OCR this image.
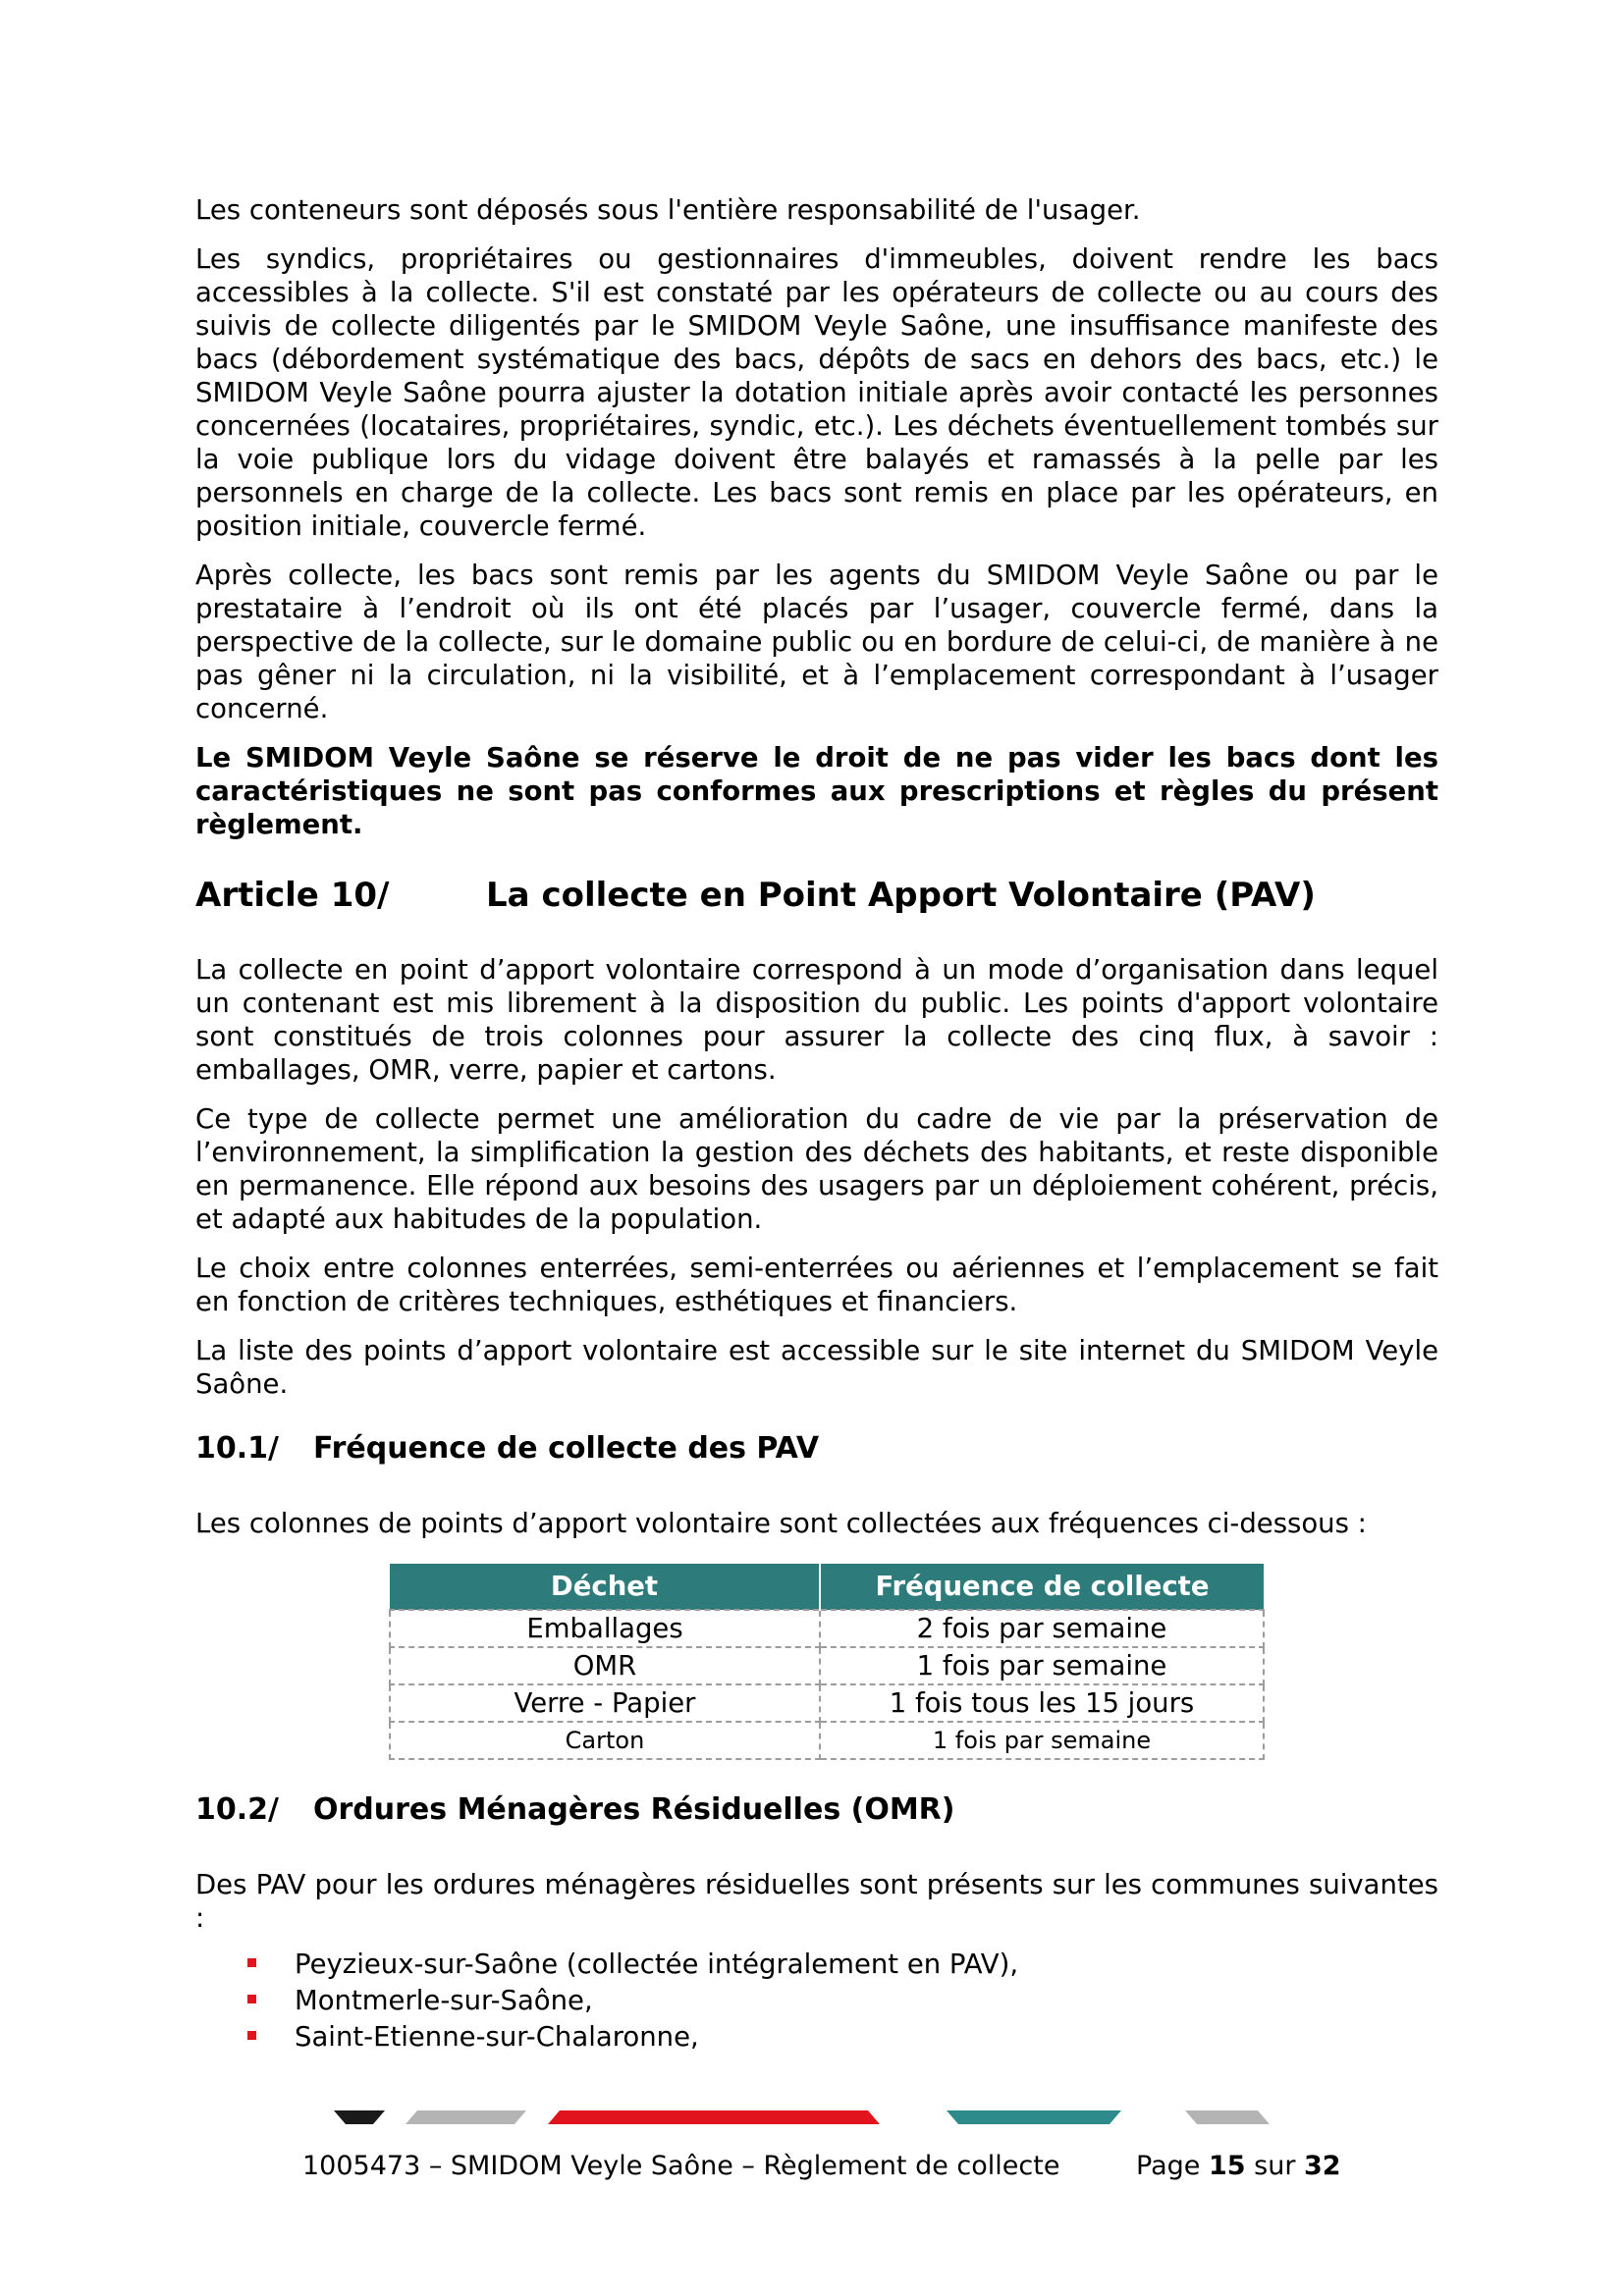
Les conteneurs sont déposés sous l'entière responsabilité de l'usager.

Les syndics, propriétaires ou gestionnaires d'immeubles, doivent rendre les bacs accessibles à la collecte. S'il est constaté par les opérateurs de collecte ou au cours des suivis de collecte diligentés par le SMIDOM Veyle Saône, une insuffisance manifeste des bacs (débordement systématique des bacs, dépôts de sacs en dehors des bacs, etc.) le SMIDOM Veyle Saône pourra ajuster la dotation initiale après avoir contacté les personnes concernées (locataires, propriétaires, syndic, etc.). Les déchets éventuellement tombés sur la voie publique lors du vidage doivent être balayés et ramassés à la pelle par les personnels en charge de la collecte. Les bacs sont remis en place par les opérateurs, en position initiale, couvercle fermé.

Après collecte, les bacs sont remis par les agents du SMIDOM Veyle Saône ou par le prestataire à l’endroit où ils ont été placés par l’usager, couvercle fermé, dans la perspective de la collecte, sur le domaine public ou en bordure de celui-ci, de manière à ne pas gêner ni la circulation, ni la visibilité, et à l’emplacement correspondant à l’usager concerné.

Le SMIDOM Veyle Saône se réserve le droit de ne pas vider les bacs dont les caractéristiques ne sont pas conformes aux prescriptions et règles du présent règlement.

Article 10/	La collecte en Point Apport Volontaire (PAV)

La collecte en point d’apport volontaire correspond à un mode d’organisation dans lequel un contenant est mis librement à la disposition du public. Les points d'apport volontaire sont constitués de trois colonnes pour assurer la collecte des cinq flux, à savoir : emballages, OMR, verre, papier et cartons.

Ce type de collecte permet une amélioration du cadre de vie par la préservation de l’environnement, la simplification la gestion des déchets des habitants, et reste disponible en permanence. Elle répond aux besoins des usagers par un déploiement cohérent, précis, et adapté aux habitudes de la population.

Le choix entre colonnes enterrées, semi-enterrées ou aériennes et l’emplacement se fait en fonction de critères techniques, esthétiques et financiers.

La liste des points d’apport volontaire est accessible sur le site internet du SMIDOM Veyle Saône.

10.1/	Fréquence de collecte des PAV

Les colonnes de points d’apport volontaire sont collectées aux fréquences ci-dessous :

Déchet	Fréquence de collecte
Emballages	2 fois par semaine
OMR	1 fois par semaine
Verre - Papier	1 fois tous les 15 jours
Carton	1 fois par semaine
10.2/	Ordures Ménagères Résiduelles (OMR)

Des PAV pour les ordures ménagères résiduelles sont présents sur les communes suivantes :

Peyzieux-sur-Saône (collectée intégralement en PAV),
Montmerle-sur-Saône,
Saint-Etienne-sur-Chalaronne,
1005473 – SMIDOM Veyle Saône – Règlement de collecte	Page 15 sur 32
